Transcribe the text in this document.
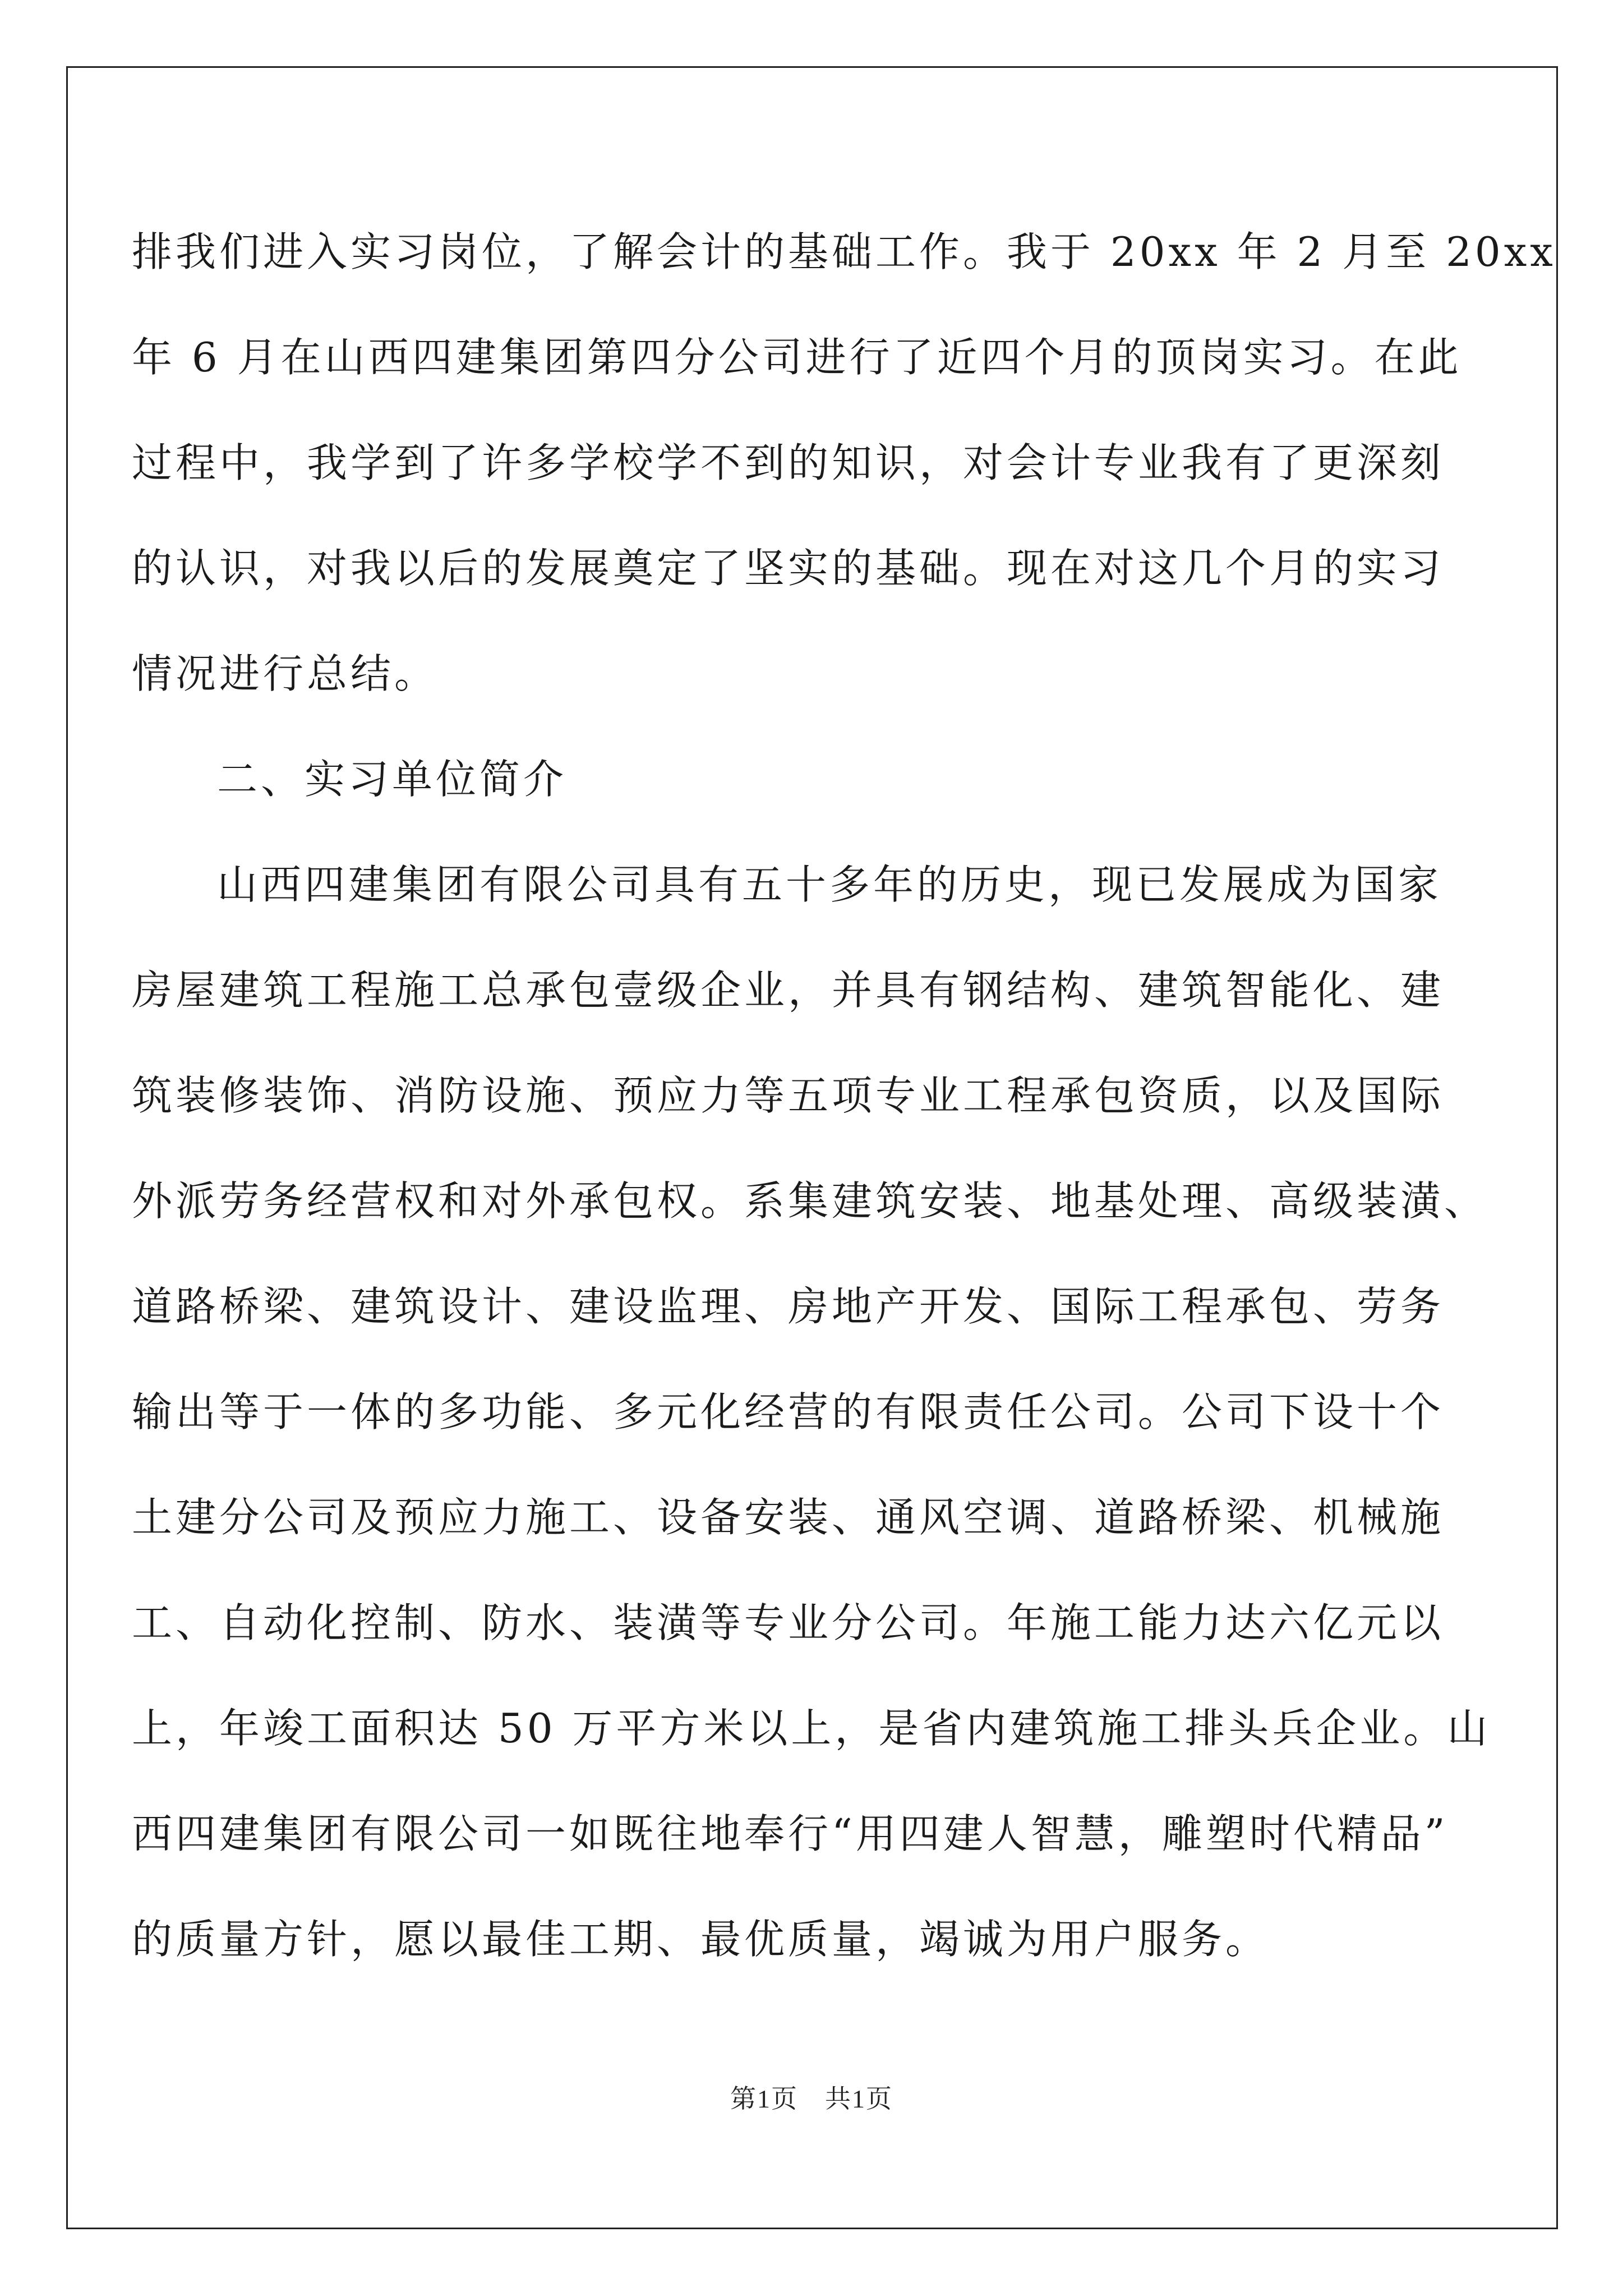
排我们进入实习岗位，了解会计的基础工作。我于 20xx 年 2 月至 20xx

年 6 月在山西四建集团第四分公司进行了近四个月的顶岗实习。在此

过程中，我学到了许多学校学不到的知识，对会计专业我有了更深刻

的认识，对我以后的发展奠定了坚实的基础。现在对这几个月的实习

情况进行总结。

二、实习单位简介

山西四建集团有限公司具有五十多年的历史，现已发展成为国家

房屋建筑工程施工总承包壹级企业，并具有钢结构、建筑智能化、建

筑装修装饰、消防设施、预应力等五项专业工程承包资质，以及国际

外派劳务经营权和对外承包权。系集建筑安装、地基处理、高级装潢、

道路桥梁、建筑设计、建设监理、房地产开发、国际工程承包、劳务

输出等于一体的多功能、多元化经营的有限责任公司。公司下设十个

土建分公司及预应力施工、设备安装、通风空调、道路桥梁、机械施

工、自动化控制、防水、装潢等专业分公司。年施工能力达六亿元以

上，年竣工面积达 50 万平方米以上，是省内建筑施工排头兵企业。山

西四建集团有限公司一如既往地奉行“用四建人智慧，雕塑时代精品”

的质量方针，愿以最佳工期、最优质量，竭诚为用户服务。

第1页　共1页
